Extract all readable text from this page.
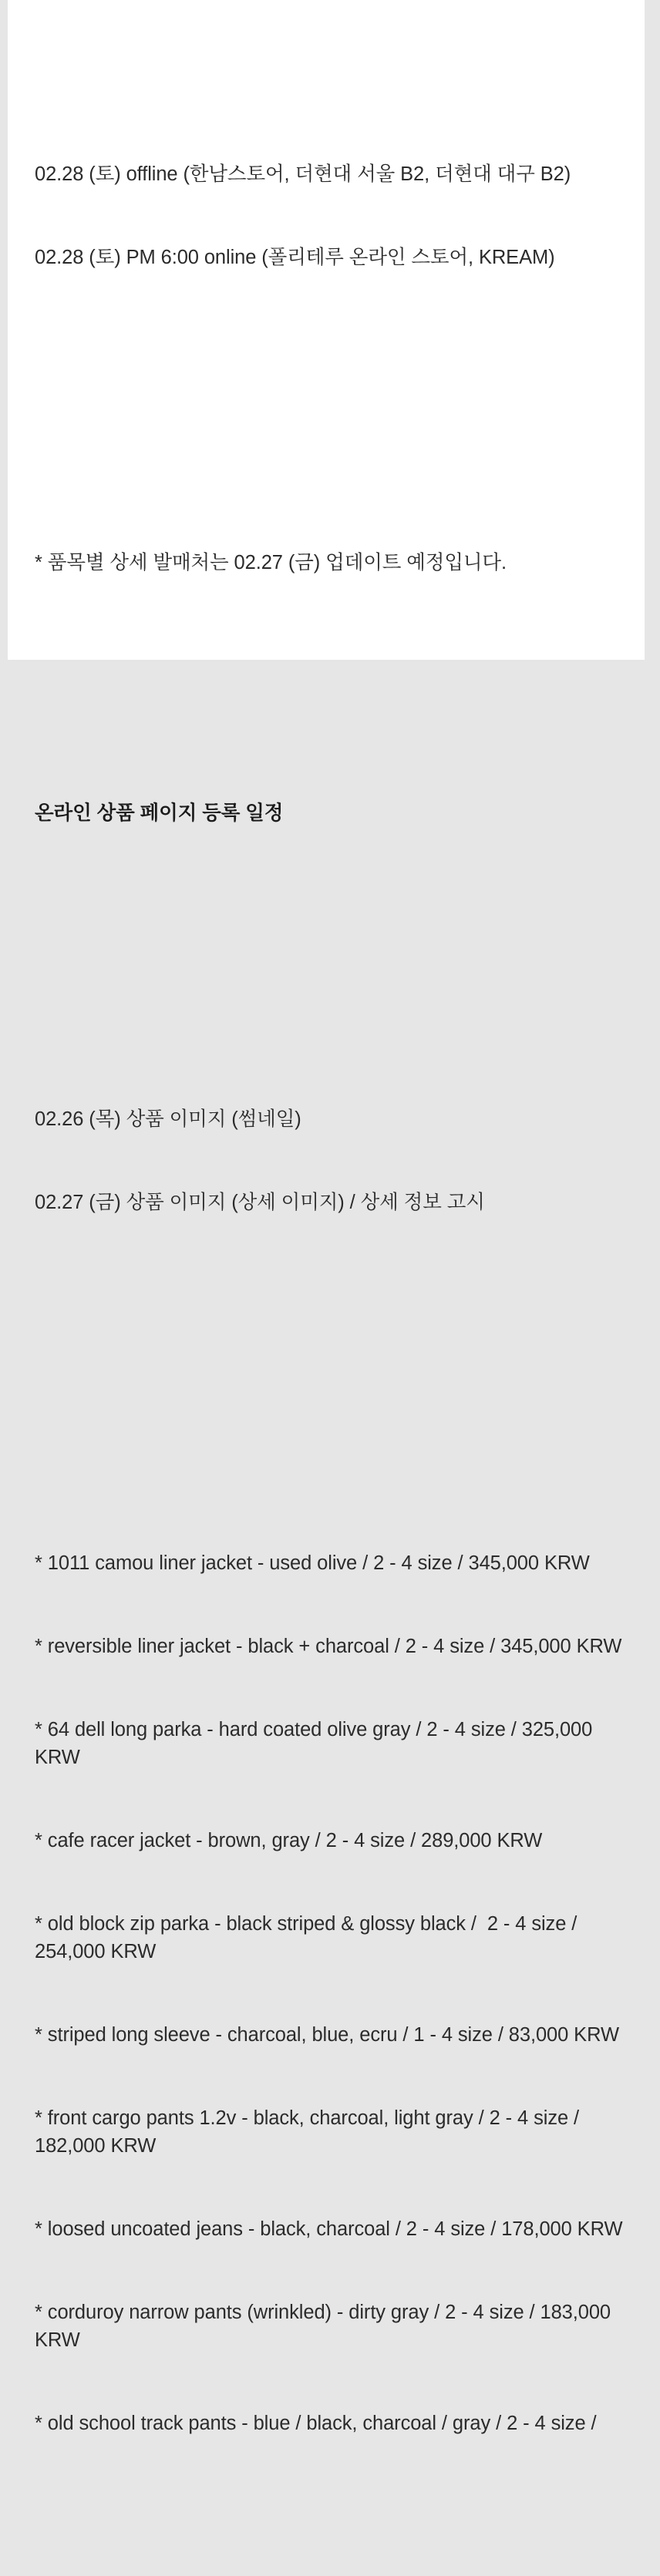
02.28 (토) offline (한남스토어, 더현대 서울 B2, 더현대 대구 B2)

02.28 (토) PM 6:00 online (폴리테루 온라인 스토어, KREAM)

* 품목별 상세 발매처는 02.27 (금) 업데이트 예정입니다.

온라인 상품 페이지 등록 일정

02.26 (목) 상품 이미지 (썸네일)

02.27 (금) 상품 이미지 (상세 이미지) / 상세 정보 고시

* 1011 camou liner jacket - used olive / 2 - 4 size / 345,000 KRW

* reversible liner jacket - black + charcoal / 2 - 4 size / 345,000 KRW

* 64 dell long parka - hard coated olive gray / 2 - 4 size / 325,000 KRW

* cafe racer jacket - brown, gray / 2 - 4 size / 289,000 KRW

* old block zip parka - black striped & glossy black /  2 - 4 size / 254,000 KRW

* striped long sleeve - charcoal, blue, ecru / 1 - 4 size / 83,000 KRW

* front cargo pants 1.2v - black, charcoal, light gray / 2 - 4 size / 182,000 KRW

* loosed uncoated jeans - black, charcoal / 2 - 4 size / 178,000 KRW

* corduroy narrow pants (wrinkled) - dirty gray / 2 - 4 size / 183,000 KRW

* old school track pants - blue / black, charcoal / gray / 2 - 4 size /
